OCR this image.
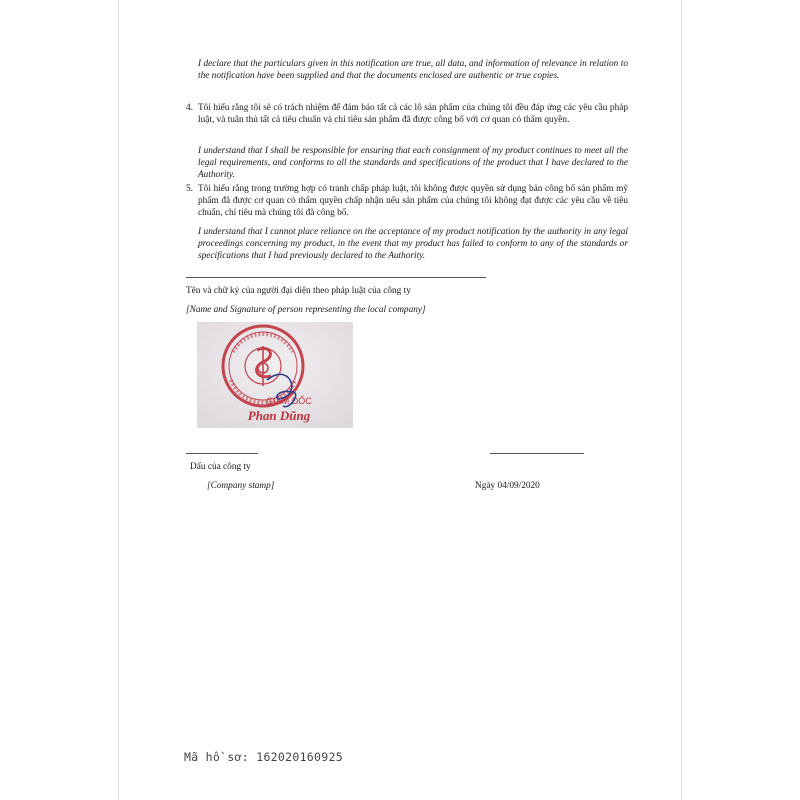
I declare that the particulars given in this notification are true, all data, and information of relevance in relation to the notification have been supplied and that the documents enclosed are authentic or true copies.
4. Tôi hiểu rằng tôi sẽ có trách nhiệm để đảm bảo tất cả các lô sản phẩm của chúng tôi đều đáp ứng các yêu cầu pháp luật, và tuân thủ tất cả tiêu chuẩn và chỉ tiêu sản phẩm đã được công bố với cơ quan có thẩm quyền.
I understand that I shall be responsible for ensuring that each consignment of my product continues to meet all the legal requirements, and conforms to all the standards and specifications of the product that I have declared to the Authority.
5. Tôi hiểu rằng trong trường hợp có tranh chấp pháp luật, tôi không được quyền sử dụng bản công bố sản phẩm mỹ phẩm đã được cơ quan có thẩm quyền chấp nhận nếu sản phẩm của chúng tôi không đạt được các yêu cầu về tiêu chuẩn, chỉ tiêu mà chúng tôi đã công bố.
I understand that I cannot place reliance on the acceptance of my product notification by the authority in any legal proceedings concerning my product, in the event that my product has failed to conform to any of the standards or specifications that I had previously declared to the Authority.
Tên và chữ ký của người đại diện theo pháp luật của công ty
[Name and Signature of person representing the local company]
GIÁM ĐỐC
Phan Dũng
Dấu của công ty
[Company stamp]	Ngày 04/09/2020
Mã hồ sơ: 162020160925
